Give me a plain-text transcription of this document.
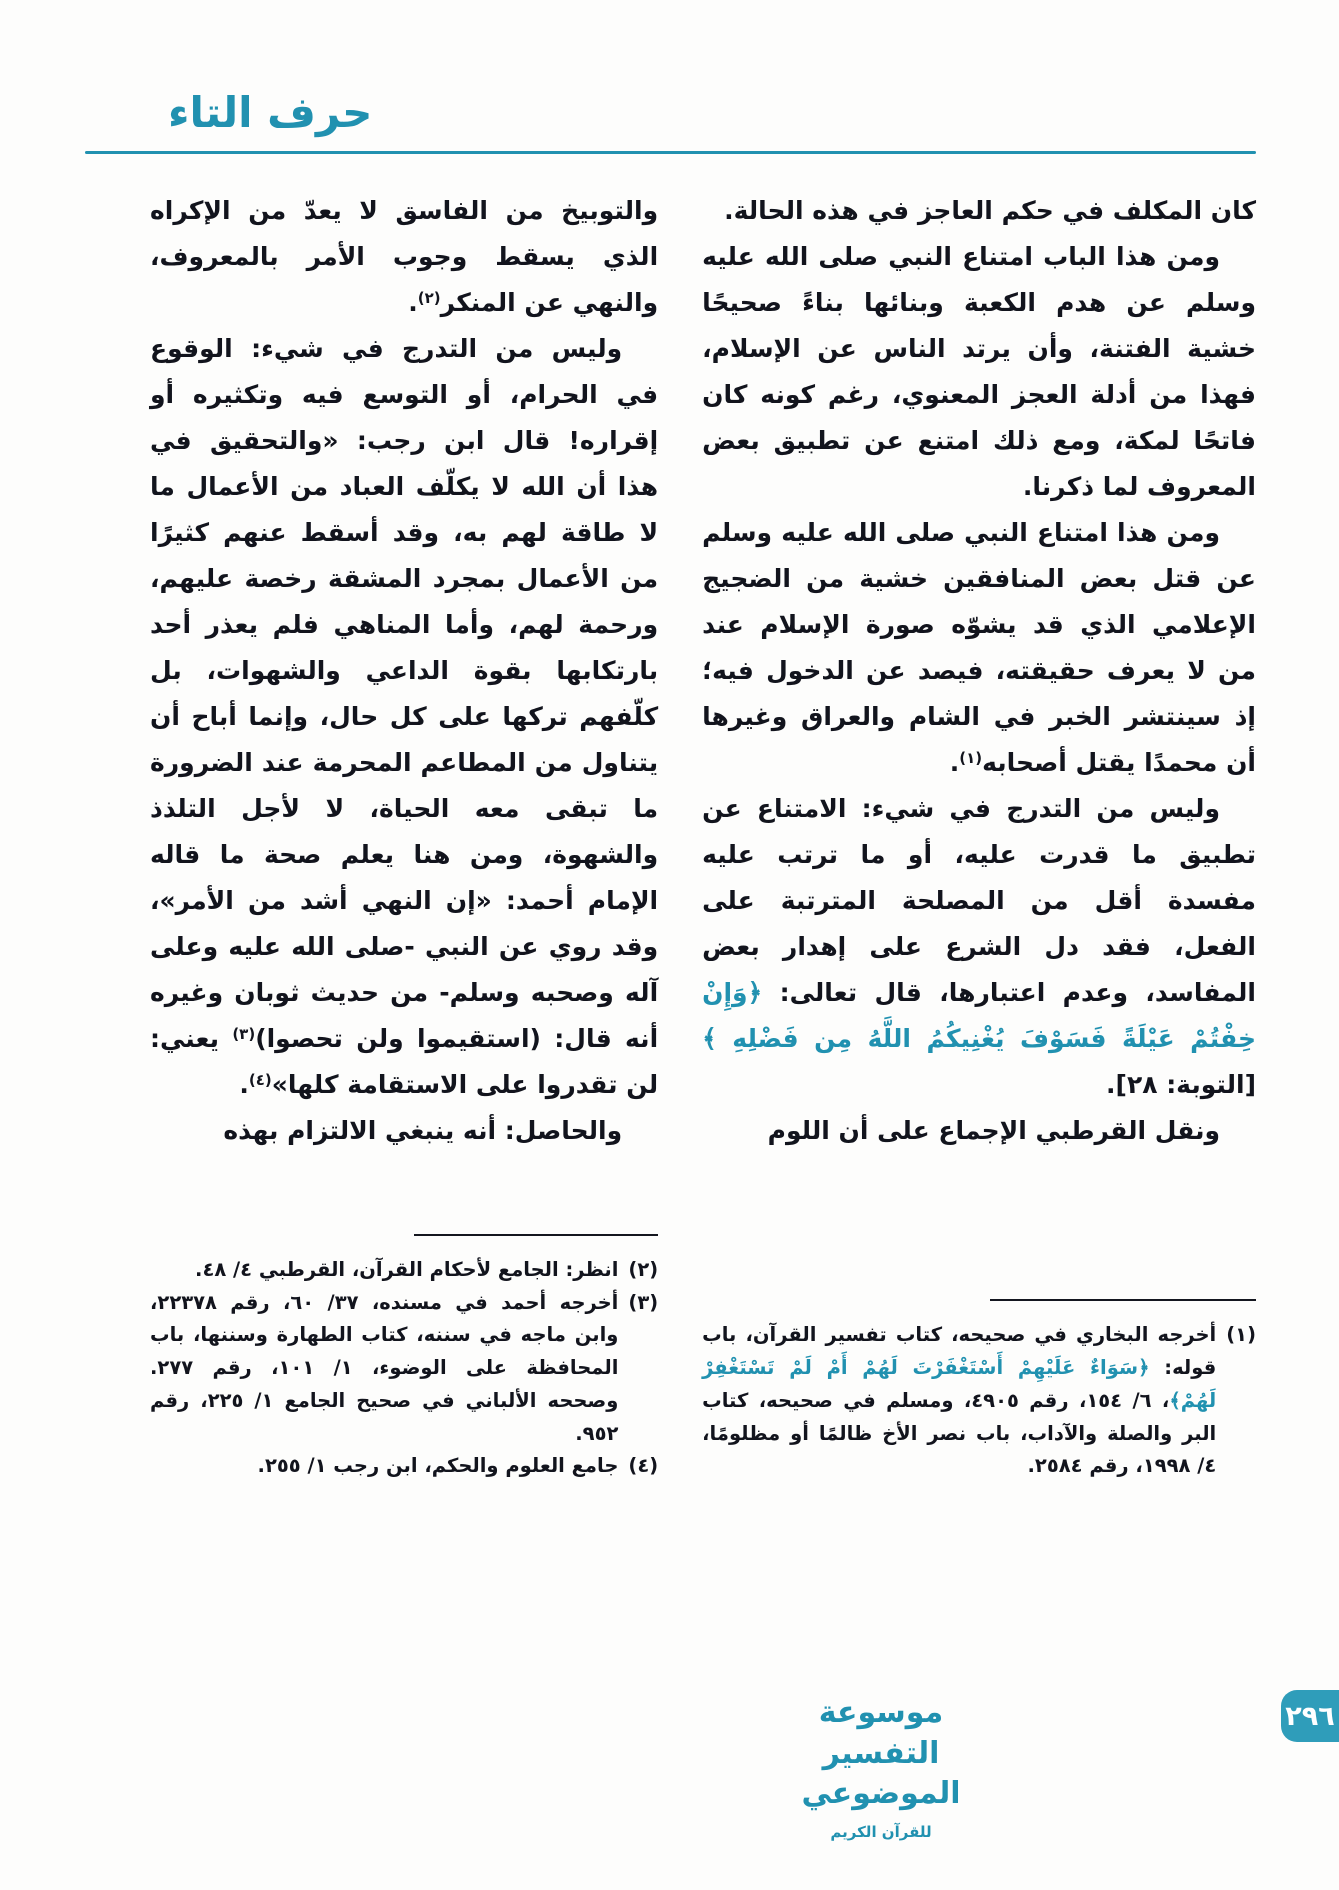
حرف التاء

كان المكلف في حكم العاجز في هذه الحالة.

ومن هذا الباب امتناع النبي صلى الله عليه وسلم عن هدم الكعبة وبنائها بناءً صحيحًا خشية الفتنة، وأن يرتد الناس عن الإسلام، فهذا من أدلة العجز المعنوي، رغم كونه كان فاتحًا لمكة، ومع ذلك امتنع عن تطبيق بعض المعروف لما ذكرنا.

ومن هذا امتناع النبي صلى الله عليه وسلم عن قتل بعض المنافقين خشية من الضجيج الإعلامي الذي قد يشوّه صورة الإسلام عند من لا يعرف حقيقته، فيصد عن الدخول فيه؛ إذ سينتشر الخبر في الشام والعراق وغيرها أن محمدًا يقتل أصحابه$^{(١)}$.

وليس من التدرج في شيء: الامتناع عن تطبيق ما قدرت عليه، أو ما ترتب عليه مفسدة أقل من المصلحة المترتبة على الفعل، فقد دل الشرع على إهدار بعض المفاسد، وعدم اعتبارها، قال تعالى: ﴿وَإِنْ خِفْتُمْ عَيْلَةً فَسَوْفَ يُغْنِيكُمُ اللَّهُ مِن فَضْلِهِ ﴾ [التوبة: ٢٨].

ونقل القرطبي الإجماع على أن اللوم

(١)
أخرجه البخاري في صحيحه، كتاب تفسير القرآن، باب قوله: ﴿سَوَاءٌ عَلَيْهِمْ أَسْتَغْفَرْتَ لَهُمْ أَمْ لَمْ تَسْتَغْفِرْ لَهُمْ﴾، ٦/ ١٥٤، رقم ٤٩٠٥، ومسلم في صحيحه، كتاب البر والصلة والآداب، باب نصر الأخ ظالمًا أو مظلومًا، ٤/ ١٩٩٨، رقم ٢٥٨٤.

والتوبيخ من الفاسق لا يعدّ من الإكراه الذي يسقط وجوب الأمر بالمعروف، والنهي عن المنكر$^{(٢)}$.

وليس من التدرج في شيء: الوقوع في الحرام، أو التوسع فيه وتكثيره أو إقراره! قال ابن رجب: «والتحقيق في هذا أن الله لا يكلّف العباد من الأعمال ما لا طاقة لهم به، وقد أسقط عنهم كثيرًا من الأعمال بمجرد المشقة رخصة عليهم، ورحمة لهم، وأما المناهي فلم يعذر أحد بارتكابها بقوة الداعي والشهوات، بل كلّفهم تركها على كل حال، وإنما أباح أن يتناول من المطاعم المحرمة عند الضرورة ما تبقى معه الحياة، لا لأجل التلذذ والشهوة، ومن هنا يعلم صحة ما قاله الإمام أحمد: «إن النهي أشد من الأمر»، وقد روي عن النبي -صلى الله عليه وعلى آله وصحبه وسلم- من حديث ثوبان وغيره أنه قال: (استقيموا ولن تحصوا)$^{(٣)}$ يعني: لن تقدروا على الاستقامة كلها»$^{(٤)}$.

والحاصل: أنه ينبغي الالتزام بهذه

(٢)
انظر: الجامع لأحكام القرآن، القرطبي ٤/ ٤٨.
(٣)
أخرجه أحمد في مسنده، ٣٧/ ٦٠، رقم ٢٢٣٧٨، وابن ماجه في سننه، كتاب الطهارة وسننها، باب المحافظة على الوضوء، ١/ ١٠١، رقم ٢٧٧. وصححه الألباني في صحيح الجامع ١/ ٢٢٥، رقم ٩٥٢.
(٤)
جامع العلوم والحكم، ابن رجب ١/ ٢٥٥.
موسوعة التفسير الموضوعي
للقرآن الكريم
٢٩٦
